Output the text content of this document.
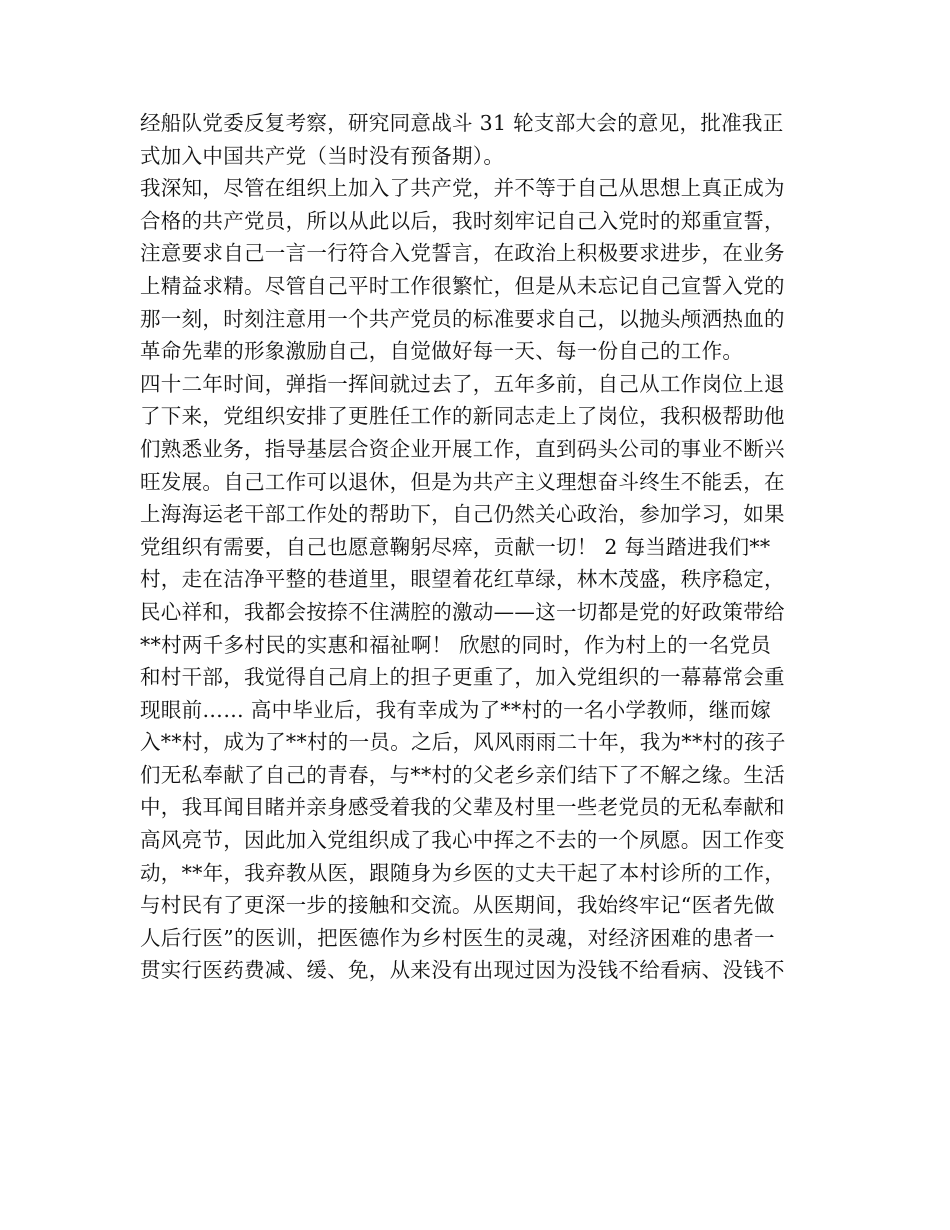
经船队党委反复考察，研究同意战斗 31 轮支部大会的意见，批准我正
式加入中国共产党（当时没有预备期）。
我深知，尽管在组织上加入了共产党，并不等于自己从思想上真正成为
合格的共产党员，所以从此以后，我时刻牢记自己入党时的郑重宣誓，
注意要求自己一言一行符合入党誓言，在政治上积极要求进步，在业务
上精益求精。尽管自己平时工作很繁忙，但是从未忘记自己宣誓入党的
那一刻，时刻注意用一个共产党员的标准要求自己，以抛头颅洒热血的
革命先辈的形象激励自己，自觉做好每一天、每一份自己的工作。
四十二年时间，弹指一挥间就过去了，五年多前，自己从工作岗位上退
了下来，党组织安排了更胜任工作的新同志走上了岗位，我积极帮助他
们熟悉业务，指导基层合资企业开展工作，直到码头公司的事业不断兴
旺发展。自己工作可以退休，但是为共产主义理想奋斗终生不能丢，在
上海海运老干部工作处的帮助下，自己仍然关心政治，参加学习，如果
党组织有需要，自己也愿意鞠躬尽瘁，贡献一切！ 2 每当踏进我们**
村，走在洁净平整的巷道里，眼望着花红草绿，林木茂盛，秩序稳定，
民心祥和，我都会按捺不住满腔的激动——这一切都是党的好政策带给
**村两千多村民的实惠和福祉啊！ 欣慰的同时，作为村上的一名党员
和村干部，我觉得自己肩上的担子更重了，加入党组织的一幕幕常会重
现眼前…… 高中毕业后，我有幸成为了**村的一名小学教师，继而嫁
入**村，成为了**村的一员。之后，风风雨雨二十年，我为**村的孩子
们无私奉献了自己的青春，与**村的父老乡亲们结下了不解之缘。生活
中，我耳闻目睹并亲身感受着我的父辈及村里一些老党员的无私奉献和
高风亮节，因此加入党组织成了我心中挥之不去的一个夙愿。因工作变
动，**年，我弃教从医，跟随身为乡医的丈夫干起了本村诊所的工作，
与村民有了更深一步的接触和交流。从医期间，我始终牢记“医者先做
人后行医”的医训，把医德作为乡村医生的灵魂，对经济困难的患者一
贯实行医药费减、缓、免，从来没有出现过因为没钱不给看病、没钱不
